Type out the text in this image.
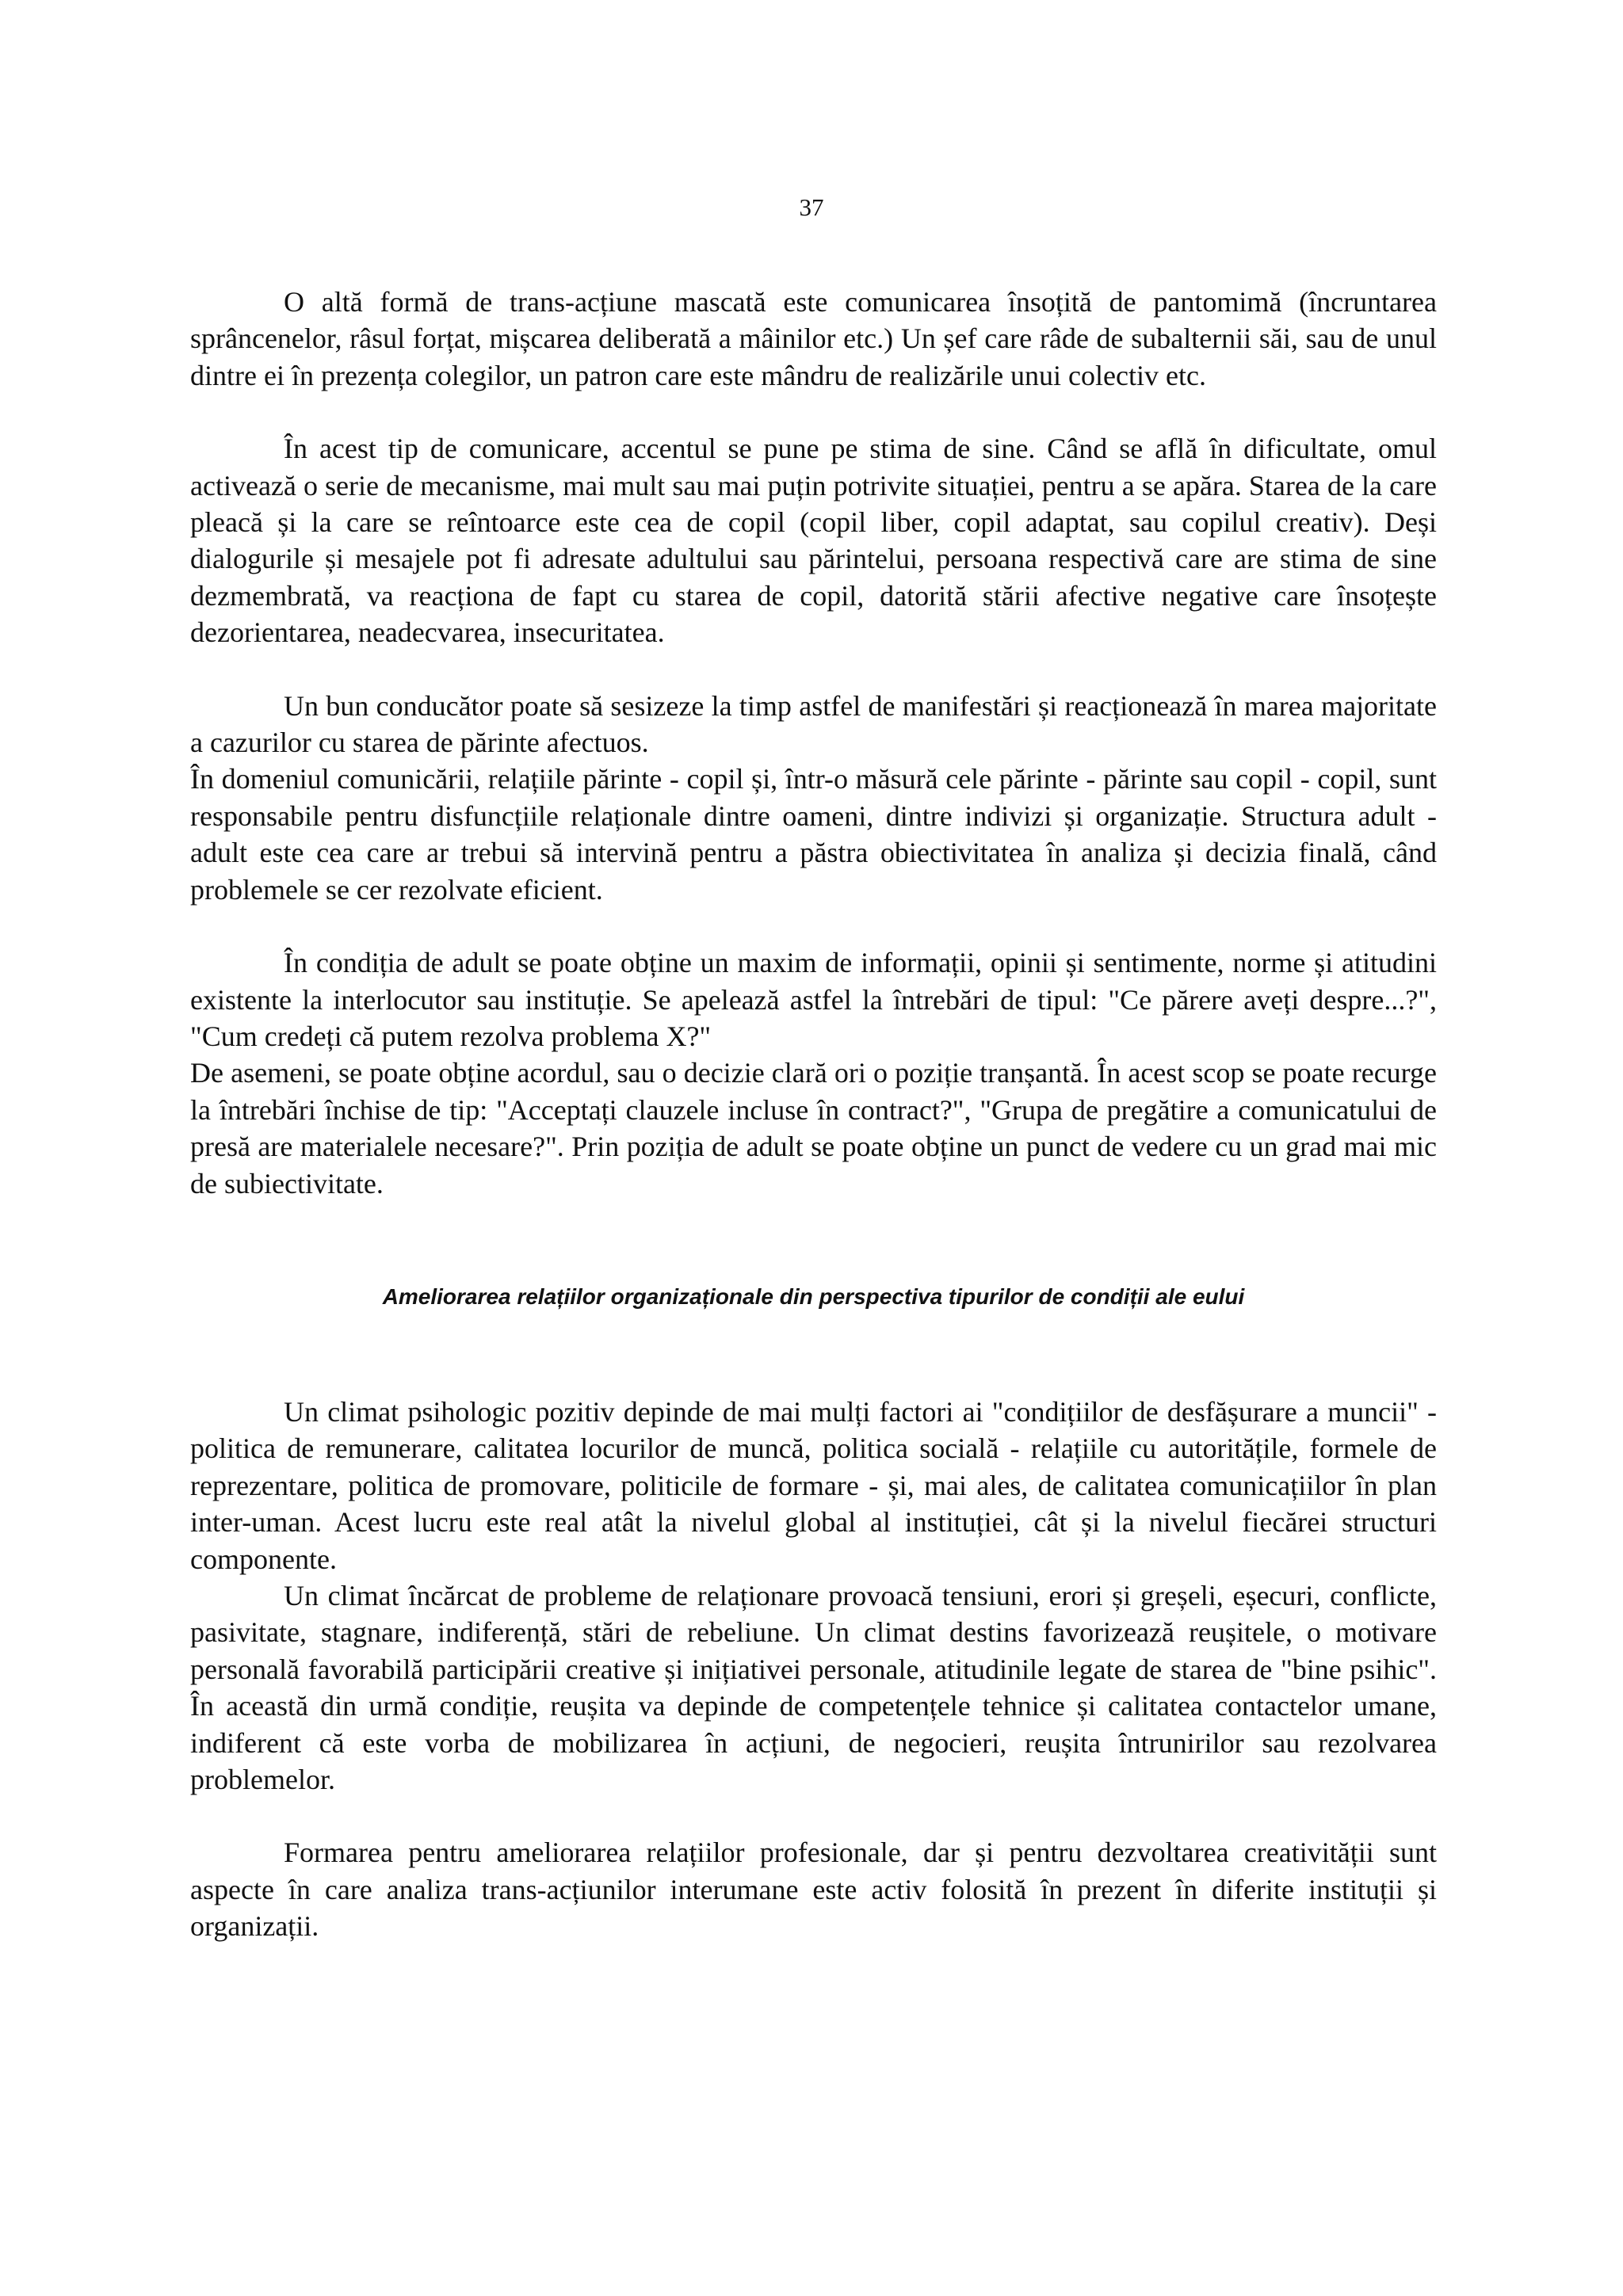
37

O altă formă de trans-acțiune mascată este comunicarea însoțită de pantomimă (încruntarea sprâncenelor, râsul forțat, mișcarea deliberată a mâinilor etc.) Un șef care râde de subalternii săi, sau de unul dintre ei în prezența colegilor, un patron care este mândru de realizările unui colectiv etc.

În acest tip de comunicare, accentul se pune pe stima de sine. Când se află în dificultate, omul activează o serie de mecanisme, mai mult sau mai puțin potrivite situației, pentru a se apăra. Starea de la care pleacă și la care se reîntoarce este cea de copil (copil liber, copil adaptat, sau copilul creativ). Deși dialogurile și mesajele pot fi adresate adultului sau părintelui, persoana respectivă care are stima de sine dezmembrată, va reacționa de fapt cu starea de copil, datorită stării afective negative care însoțește dezorientarea, neadecvarea, insecuritatea.

Un bun conducător poate să sesizeze la timp astfel de manifestări și reacționează în marea majoritate a cazurilor cu starea de părinte afectuos.

În domeniul comunicării, relațiile părinte - copil și, într-o măsură cele părinte - părinte sau copil - copil, sunt responsabile pentru disfuncțiile relaționale dintre oameni, dintre indivizi și organizație. Structura adult - adult este cea care ar trebui să intervină pentru a păstra obiectivitatea în analiza și decizia finală, când problemele se cer rezolvate eficient.

În condiția de adult se poate obține un maxim de informații, opinii și sentimente, norme și atitudini existente la interlocutor sau instituție. Se apelează astfel la întrebări de tipul: "Ce părere aveți despre...?", "Cum credeți că putem rezolva problema X?"

De asemeni, se poate obține acordul, sau o decizie clară ori o poziție tranșantă. În acest scop se poate recurge la întrebări închise de tip: "Acceptați clauzele incluse în contract?", "Grupa de pregătire a comunicatului de presă are materialele necesare?". Prin poziția de adult se poate obține un punct de vedere cu un grad mai mic de subiectivitate.

Ameliorarea relațiilor organizaționale din perspectiva tipurilor de condiții ale eului

Un climat psihologic pozitiv depinde de mai mulți factori ai "condițiilor de desfășurare a muncii" - politica de remunerare, calitatea locurilor de muncă, politica socială - relațiile cu autoritățile, formele de reprezentare, politica de promovare, politicile de formare - și, mai ales, de calitatea comunicațiilor în plan inter-uman. Acest lucru este real atât la nivelul global al instituției, cât și la nivelul fiecărei structuri componente.

Un climat încărcat de probleme de relaționare provoacă tensiuni, erori și greșeli, eșecuri, conflicte, pasivitate, stagnare, indiferență, stări de rebeliune. Un climat destins favorizează reușitele, o motivare personală favorabilă participării creative și inițiativei personale, atitudinile legate de starea de "bine psihic". În această din urmă condiție, reușita va depinde de competențele tehnice și calitatea contactelor umane, indiferent că este vorba de mobilizarea în acțiuni, de negocieri, reușita întrunirilor sau rezolvarea problemelor.

Formarea pentru ameliorarea relațiilor profesionale, dar și pentru dezvoltarea creativității sunt aspecte în care analiza trans-acțiunilor interumane este activ folosită în prezent în diferite instituții și organizații.
